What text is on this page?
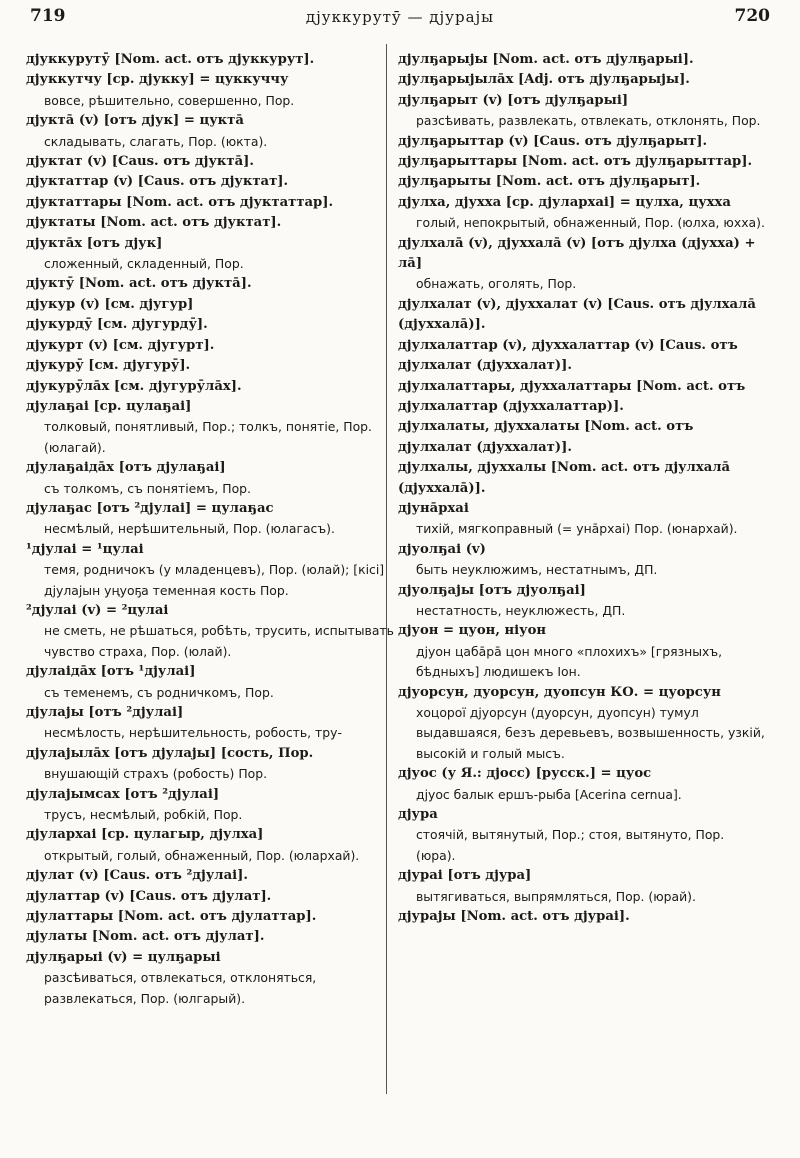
719	дјуккурутӯ — дјурајы	720
дјуккурутӯ [Nom. act. отъ дјуккурут].
дјуккутчу [ср. дјукку] = цуккуччу
вовсе, рѣшительно, совершенно, Пор.
дјукта̄ (v) [отъ дјук] = цукта̄
складывать, слагать, Пор. (юкта).
дјуктат (v) [Caus. отъ дјукта̄].
дјуктаттар (v) [Caus. отъ дјуктат].
дјуктаттары [Nom. act. отъ дјуктаттар].
дјуктаты [Nom. act. отъ дјуктат].
дјукта̄х [отъ дјук]
сложенный, складенный, Пор.
дјуктӯ [Nom. act. отъ дјукта̄].
дјукур (v) [см. дјугур]
дјукурдӯ [см. дјугурдӯ].
дјукурт (v) [см. дјугурт].
дјукурӯ [см. дјугурӯ].
дјукурӯла̄х [см. дјугурӯла̄х].
дјулаҕаі [ср. цулаҕаі]
толковый, понятливый, Пор.; толкъ, понятіе, Пор. (юлагай).
дјулаҕаіда̄х [отъ дјулаҕаі]
съ толкомъ, съ понятіемъ, Пор.
дјулаҕас [отъ ²дјулаі] = цулаҕас
несмѣлый, нерѣшительный, Пор. (юлагасъ).
¹дјулаі = ¹цулаі
темя, родничокъ (у младенцевъ), Пор. (юлай); [кісі] дјулајын уңуоҕа теменная кость Пор.
²дјулаі (v) = ²цулаі
не сметь, не рѣшаться, робѣть, трусить, испытывать чувство страха, Пор. (юлай).
дјулаіда̄х [отъ ¹дјулаі]
съ теменемъ, съ родничкомъ, Пор.
дјулајы [отъ ²дјулаі]
несмѣлость, нерѣшительность, робость, тру-
дјулајыла̄х [отъ дјулајы] [сость, Пор.
внушающій страхъ (робость) Пор.
дјулајымсах [отъ ²дјулаі]
трусъ, несмѣлый, робкій, Пор.
дјулархаі [ср. цулагыр, дјулха]
открытый, голый, обнаженный, Пор. (юлархай).
дјулат (v) [Caus. отъ ²дјулаі].
дјулаттар (v) [Caus. отъ дјулат].
дјулаттары [Nom. act. отъ дјулаттар].
дјулаты [Nom. act. отъ дјулат].
дјулҕарыі (v) = цулҕарыі
разсѣиваться, отвлекаться, отклоняться, развлекаться, Пор. (юлгарый).
дјулҕарыјы [Nom. act. отъ дјулҕарыі].
дјулҕарыјыла̄х [Adj. отъ дјулҕарыјы].
дјулҕарыт (v) [отъ дјулҕарыі]
разсѣивать, развлекать, отвлекать, отклонять, Пор.
дјулҕарыттар (v) [Caus. отъ дјулҕарыт].
дјулҕарыттары [Nom. act. отъ дјулҕарыттар].
дјулҕарыты [Nom. act. отъ дјулҕарыт].
дјулха, дјухха [ср. дјулархаі] = цулха, цухха
голый, непокрытый, обнаженный, Пор. (юлха, юхха).
дјулхала̄ (v), дјуххала̄ (v) [отъ дјулха (дјухха) + ла̄]
обнажать, оголять, Пор.
дјулхалат (v), дјуххалат (v) [Caus. отъ дјулхала̄ (дјуххала̄)].
дјулхалаттар (v), дјуххалаттар (v) [Caus. отъ дјулхалат (дјуххалат)].
дјулхалаттары, дјуххалаттары [Nom. act. отъ дјулхалаттар (дјуххалаттар)].
дјулхалаты, дјуххалаты [Nom. act. отъ дјулхалат (дјуххалат)].
дјулхалы, дјуххалы [Nom. act. отъ дјулхала̄ (дјуххала̄)].
дјуна̄рхаі
тихій, мягкоправный (= уна̄рхаі) Пор. (юнархай).
дјуолҕаі (v)
быть неуклюжимъ, нестатнымъ, ДП.
дјуолҕајы [отъ дјуолҕаі]
нестатность, неуклюжесть, ДП.
дјуон = цуон, ніуон
дјуон цаба̄ра̄ цон много «плохихъ» [грязныхъ, бѣдныхъ] людишекъ Іон.
дјуорсун, дуорсун, дуопсун КО. = цуорсун
хоцорої дјуорсун (дуорсун, дуопсун) тумул выдавшаяся, безъ деревьевъ, возвышенность, узкій, высокій и голый мысъ.
дјуос (у Я.: дјосс) [русск.] = цуос
дјуос балык ершъ-рыба [Acerina cernua].
дјура
стоячій, вытянутый, Пор.; стоя, вытянуто, Пор. (юра).
дјураі [отъ дјура]
вытягиваться, выпрямляться, Пор. (юрай).
дјурајы [Nom. act. отъ дјураі].
